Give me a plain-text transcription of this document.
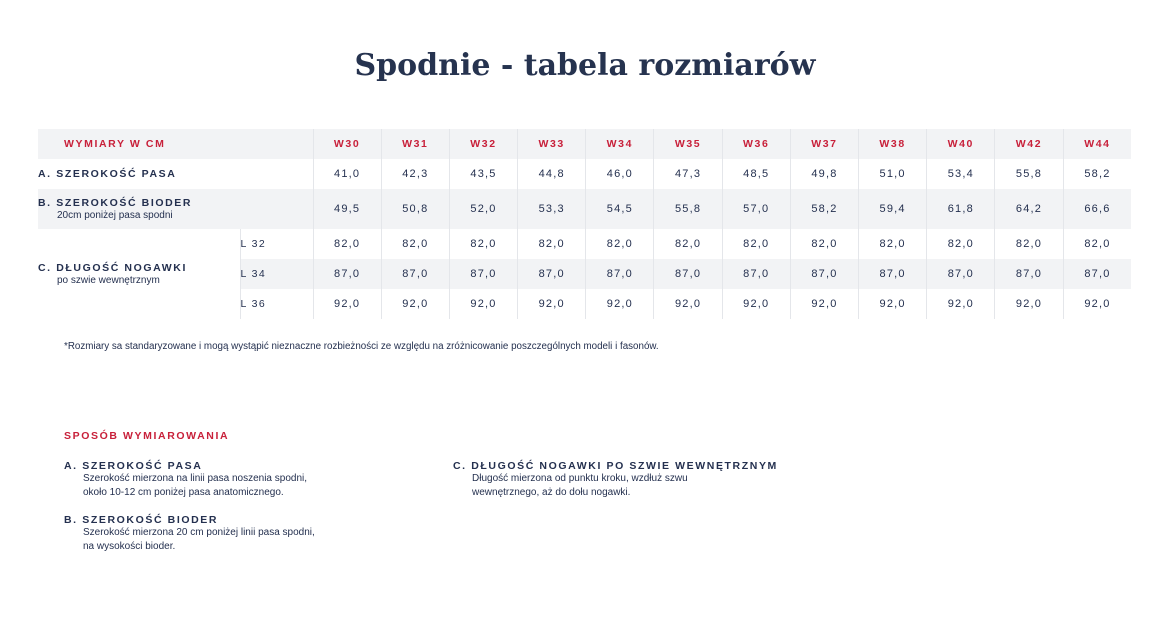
Spodnie - tabela rozmiarów
WYMIARY W CM		W30	W31	W32	W33	W34	W35	W36	W37	W38	W40	W42	W44

A. SZEROKOŚĆ PASA		41,0	42,3	43,5	44,8	46,0	47,3	48,5	49,8	51,0	53,4	55,8	58,2

B. SZEROKOŚĆ BIODER
20cm poniżej pasa spodni		49,5	50,8	52,0	53,3	54,5	55,8	57,0	58,2	59,4	61,8	64,2	66,6

C. DŁUGOŚĆ NOGAWKI
po szwie wewnętrznym	L 32	82,0	82,0	82,0	82,0	82,0	82,0	82,0	82,0	82,0	82,0	82,0	82,0
	L 34	87,0	87,0	87,0	87,0	87,0	87,0	87,0	87,0	87,0	87,0	87,0	87,0
	L 36	92,0	92,0	92,0	92,0	92,0	92,0	92,0	92,0	92,0	92,0	92,0	92,0
*Rozmiary sa standaryzowane i mogą wystąpić nieznaczne rozbieżności ze względu na zróżnicowanie poszczególnych modeli i fasonów.
SPOSÓB WYMIAROWANIA
A. SZEROKOŚĆ PASA
Szerokość mierzona na linii pasa noszenia spodni,
około 10-12 cm poniżej pasa anatomicznego.
B. SZEROKOŚĆ BIODER
Szerokość mierzona 20 cm poniżej linii pasa spodni,
na wysokości bioder.
C. DŁUGOŚĆ NOGAWKI PO SZWIE WEWNĘTRZNYM
Długość mierzona od punktu kroku, wzdłuż szwu
wewnętrznego, aż do dołu nogawki.
